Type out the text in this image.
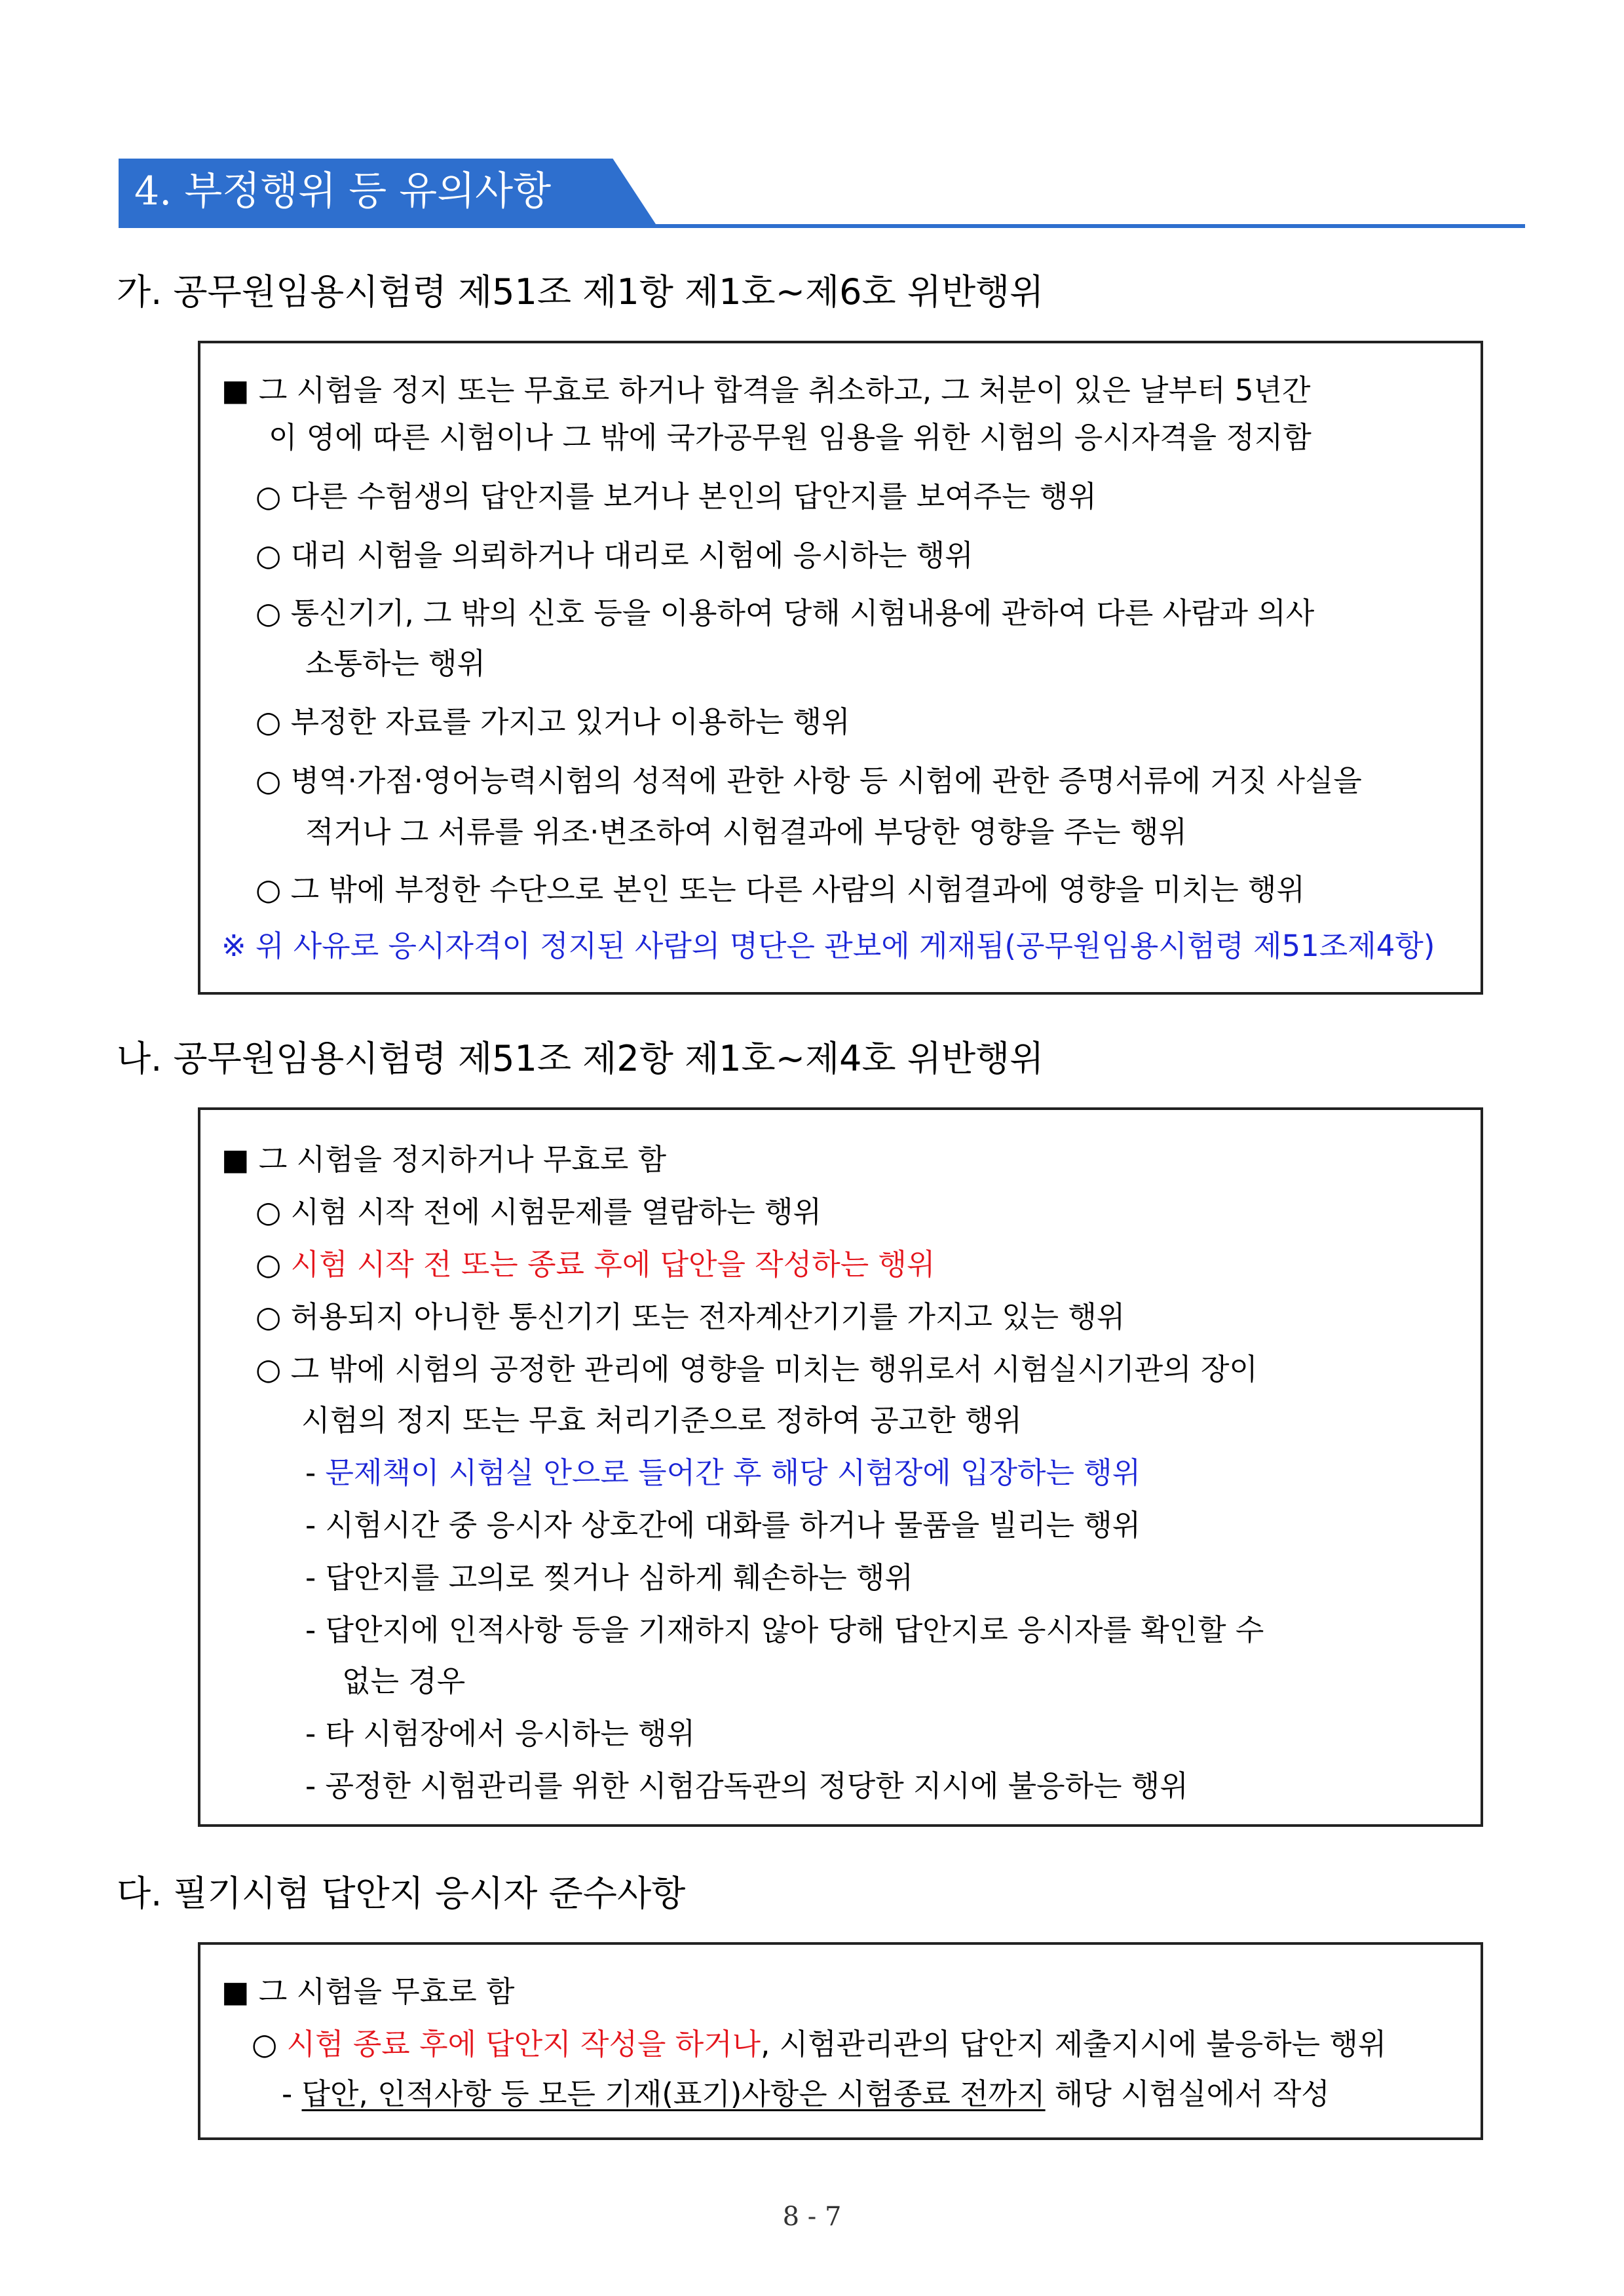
4. 부정행위 등 유의사항
가. 공무원임용시험령 제51조 제1항 제1호~제6호 위반행위
■ 그 시험을 정지 또는 무효로 하거나 합격을 취소하고, 그 처분이 있은 날부터 5년간
이 영에 따른 시험이나 그 밖에 국가공무원 임용을 위한 시험의 응시자격을 정지함
○ 다른 수험생의 답안지를 보거나 본인의 답안지를 보여주는 행위
○ 대리 시험을 의뢰하거나 대리로 시험에 응시하는 행위
○ 통신기기, 그 밖의 신호 등을 이용하여 당해 시험내용에 관하여 다른 사람과 의사
소통하는 행위
○ 부정한 자료를 가지고 있거나 이용하는 행위
○ 병역·가점·영어능력시험의 성적에 관한 사항 등 시험에 관한 증명서류에 거짓 사실을
적거나 그 서류를 위조·변조하여 시험결과에 부당한 영향을 주는 행위
○ 그 밖에 부정한 수단으로 본인 또는 다른 사람의 시험결과에 영향을 미치는 행위
※ 위 사유로 응시자격이 정지된 사람의 명단은 관보에 게재됨(공무원임용시험령 제51조제4항)
나. 공무원임용시험령 제51조 제2항 제1호~제4호 위반행위
■ 그 시험을 정지하거나 무효로 함
○ 시험 시작 전에 시험문제를 열람하는 행위
○ 시험 시작 전 또는 종료 후에 답안을 작성하는 행위
○ 허용되지 아니한 통신기기 또는 전자계산기기를 가지고 있는 행위
○ 그 밖에 시험의 공정한 관리에 영향을 미치는 행위로서 시험실시기관의 장이
시험의 정지 또는 무효 처리기준으로 정하여 공고한 행위
- 문제책이 시험실 안으로 들어간 후 해당 시험장에 입장하는 행위
- 시험시간 중 응시자 상호간에 대화를 하거나 물품을 빌리는 행위
- 답안지를 고의로 찢거나 심하게 훼손하는 행위
- 답안지에 인적사항 등을 기재하지 않아 당해 답안지로 응시자를 확인할 수
없는 경우
- 타 시험장에서 응시하는 행위
- 공정한 시험관리를 위한 시험감독관의 정당한 지시에 불응하는 행위
다. 필기시험 답안지 응시자 준수사항
■ 그 시험을 무효로 함
○ 시험 종료 후에 답안지 작성을 하거나, 시험관리관의 답안지 제출지시에 불응하는 행위
- 답안, 인적사항 등 모든 기재(표기)사항은 시험종료 전까지 해당 시험실에서 작성
8 - 7
